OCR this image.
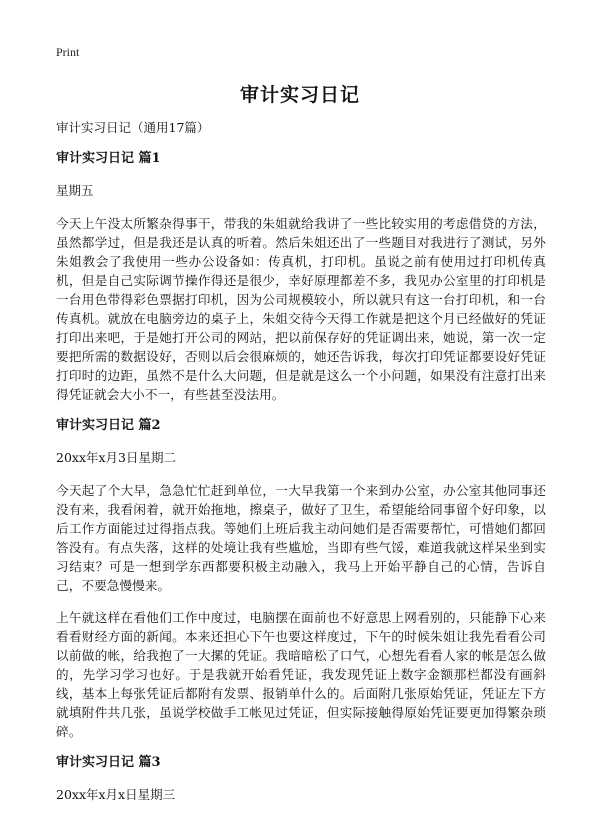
Print
审计实习日记
审计实习日记（通用17篇）
审计实习日记 篇1
星期五
今天上午没太所繁杂得事干，带我的朱姐就给我讲了一些比较实用的考虑借贷的方法，虽然都学过，但是我还是认真的听着。然后朱姐还出了一些题目对我进行了测试，另外朱姐教会了我使用一些办公设备如：传真机，打印机。虽说之前有使用过打印机传真机，但是自己实际调节操作得还是很少，幸好原理都差不多，我见办公室里的打印机是一台用色带得彩色票据打印机，因为公司规模较小，所以就只有这一台打印机，和一台传真机。就放在电脑旁边的桌子上，朱姐交待今天得工作就是把这个月已经做好的凭证打印出来吧，于是她打开公司的网站，把以前保存好的凭证调出来，她说，第一次一定要把所需的数据设好，否则以后会很麻烦的，她还告诉我，每次打印凭证都要设好凭证打印时的边距，虽然不是什么大问题，但是就是这么一个小问题，如果没有注意打出来得凭证就会大小不一，有些甚至没法用。
审计实习日记 篇2
20xx年x月3日星期二
今天起了个大早，急急忙忙赶到单位，一大早我第一个来到办公室，办公室其他同事还没有来，我看闲着，就开始拖地，擦桌子，做好了卫生，希望能给同事留个好印象，以后工作方面能过过得指点我。等她们上班后我主动问她们是否需要帮忙，可惜她们都回答没有。有点失落，这样的处境让我有些尴尬，当即有些气馁，难道我就这样呆坐到实习结束？可是一想到学东西都要积极主动融入，我马上开始平静自己的心情，告诉自己，不要急慢慢来。
上午就这样在看他们工作中度过，电脑摆在面前也不好意思上网看别的，只能静下心来看看财经方面的新闻。本来还担心下午也要这样度过，下午的时候朱姐让我先看看公司以前做的帐，给我抱了一大摞的凭证。我暗暗松了口气，心想先看看人家的帐是怎么做的，先学习学习也好。于是我就开始看凭证，我发现凭证上数字金额那栏都没有画斜线，基本上每张凭证后都附有发票、报销单什么的。后面附几张原始凭证，凭证左下方就填附件共几张，虽说学校做手工帐见过凭证，但实际接触得原始凭证要更加得繁杂琐碎。
审计实习日记 篇3
20xx年x月x日星期三
